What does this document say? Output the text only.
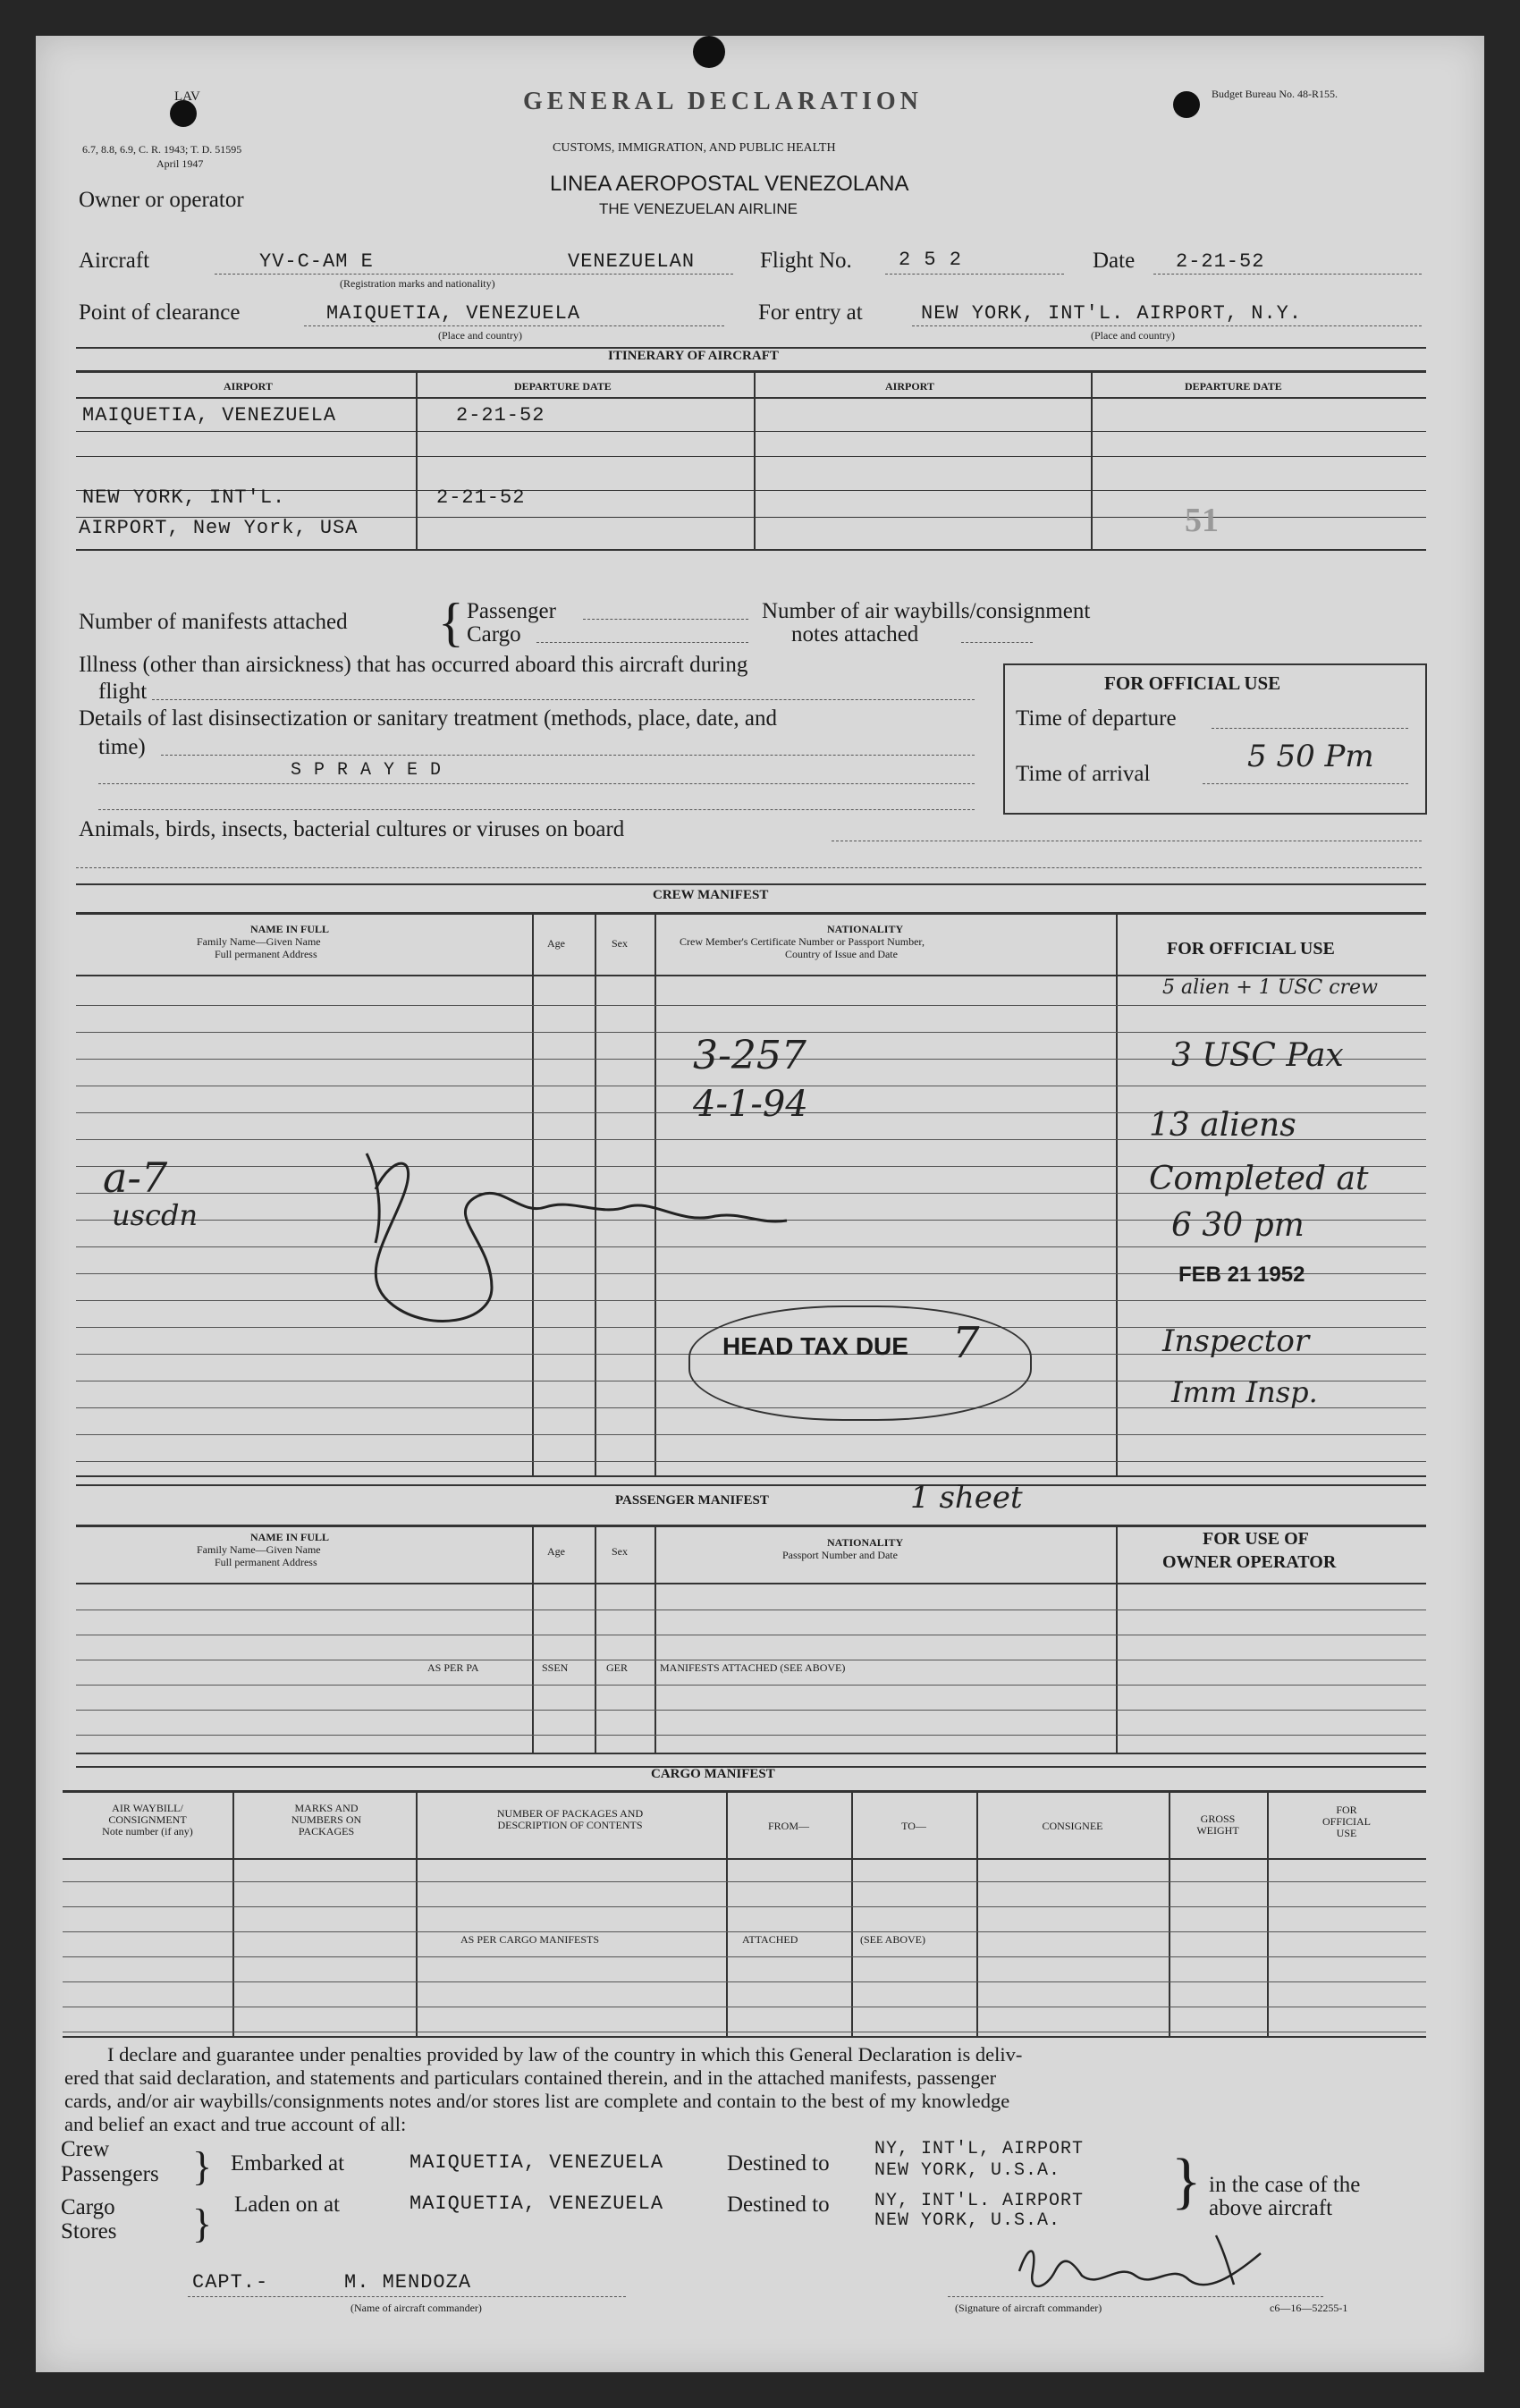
LAV
6.7, 8.8, 6.9, C. R. 1943; T. D. 51595
April 1947
Budget Bureau No. 48-R155.
GENERAL DECLARATION
CUSTOMS, IMMIGRATION, AND PUBLIC HEALTH
LINEA AEROPOSTAL VENEZOLANA
THE VENEZUELAN AIRLINE
Owner or operator
Aircraft	YV-C-AM E	VENEZUELAN
(Registration marks and nationality)
Flight No. 2 5 2	Date 2-21-52
Point of clearance	MAIQUETIA, VENEZUELA
(Place and country)
For entry at	NEW YORK, INT'L. AIRPORT, N.Y.
(Place and country)
ITINERARY OF AIRCRAFT
AIRPORT	DEPARTURE DATE	AIRPORT	DEPARTURE DATE
MAIQUETIA, VENEZUELA	2-21-52
NEW YORK, INT'L.	2-21-52
AIRPORT, New York, USA	51
Number of manifests attached { Passenger
Cargo
Number of air waybills/consignment
notes attached
Illness (other than airsickness) that has occurred aboard this aircraft during
flight
Details of last disinsectization or sanitary treatment (methods, place, date, and
time)
S P R A Y E D
Animals, birds, insects, bacterial cultures or viruses on board
FOR OFFICIAL USE
Time of departure
Time of arrival	5 50 Pm
CREW MANIFEST
NAME IN FULL
Family Name—Given Name
Full permanent Address
Age	Sex
NATIONALITY
Crew Member's Certificate Number or Passport Number,
Country of Issue and Date	FOR OFFICIAL USE
a-7
uscdn
3-257
4-1-94
5 alien + 1 USC crew
3 USC Pax
13 aliens
Completed at
6 30 pm
FEB 21 1952
Inspector
Imm Insp.
HEAD TAX DUE 7
PASSENGER MANIFEST	1 sheet
NAME IN FULL
Family Name—Given Name
Full permanent Address
Age	Sex
NATIONALITY
Passport Number and Date
FOR USE OF
OWNER OPERATOR
AS PER PA	SSEN	GER	MANIFESTS ATTACHED (SEE ABOVE)
CARGO MANIFEST
AIR WAYBILL/
CONSIGNMENT
Note number (if any)
MARKS AND
NUMBERS ON
PACKAGES
NUMBER OF PACKAGES AND
DESCRIPTION OF CONTENTS	FROM—	TO—	CONSIGNEE
GROSS
WEIGHT
FOR
OFFICIAL
USE
AS PER CARGO MANIFESTS	ATTACHED	(SEE ABOVE)
I declare and guarantee under penalties provided by law of the country in which this General Declaration is deliv-
ered that said declaration, and statements and particulars contained therein, and in the attached manifests, passenger
cards, and/or air waybills/consignments notes and/or stores list are complete and contain to the best of my knowledge
and belief an exact and true account of all:
Crew
Passengers
Cargo
Stores
}
}
Embarked at	MAIQUETIA, VENEZUELA
Laden on at	MAIQUETIA, VENEZUELA
Destined to
Destined to
NY, INT'L, AIRPORT
NEW YORK, U.S.A.
NY, INT'L. AIRPORT
NEW YORK, U.S.A.
} in the case of the
above aircraft
CAPT.-	M. MENDOZA
(Name of aircraft commander)	(Signature of aircraft commander)	c6—16—52255-1
